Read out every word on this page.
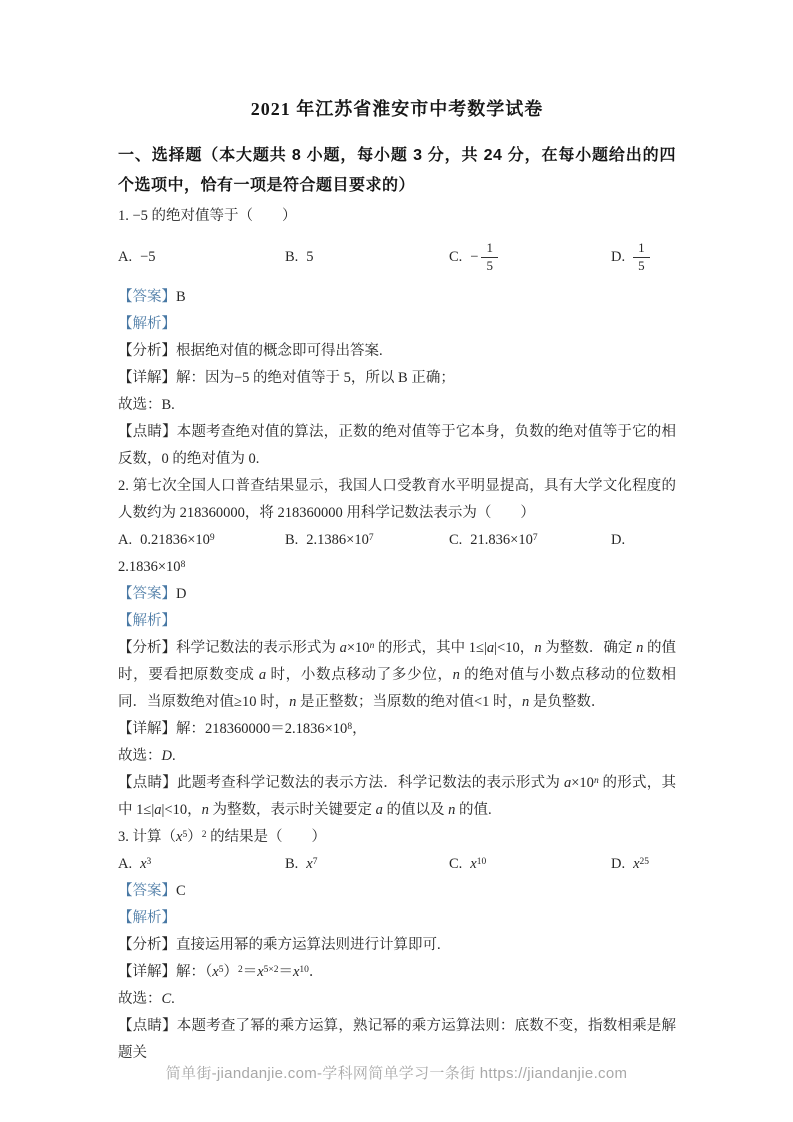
2021 年江苏省淮安市中考数学试卷

一、选择题（本大题共 8 小题，每小题 3 分，共 24 分，在每小题给出的四个选项中，恰有一项是符合题目要求的）

1. −5 的绝对值等于（　　）

A. −5	B. 5	C. − $\frac{1}{5}$	D. $\frac{1}{5}$

【答案】B

【解析】

【分析】根据绝对值的概念即可得出答案.

【详解】解：因为−5 的绝对值等于 5，所以 B 正确；

故选：B.

【点睛】本题考查绝对值的算法，正数的绝对值等于它本身，负数的绝对值等于它的相反数，0 的绝对值为 0.

2. 第七次全国人口普查结果显示，我国人口受教育水平明显提高，具有大学文化程度的人数约为 218360000，将 218360000 用科学记数法表示为（　　）

A. $0.21836\times 10^9$	B. $2.1386\times 10^7$	C. $21.836\times 10^7$	D.

$2.1836\times 10^8$

【答案】D

【解析】

【分析】科学记数法的表示形式为 $a\times 10^n$ 的形式，其中 1≤|a|<10，n 为整数．确定 n 的值时，要看把原数变成 a 时，小数点移动了多少位，n 的绝对值与小数点移动的位数相同．当原数绝对值≥10 时，n 是正整数；当原数的绝对值<1 时，n 是负整数．

【详解】解：$218360000=2.1836\times 10^8$，

故选：D.

【点睛】此题考查科学记数法的表示方法．科学记数法的表示形式为 $a\times 10^n$ 的形式，其中 1≤|a|<10，n 为整数，表示时关键要定 a 的值以及 n 的值.

3. 计算$(x^5)^2$ 的结果是（　　）

A. $x^3$	B. $x^7$	C. $x^{10}$	D. $x^{25}$

【答案】C

【解析】

【分析】直接运用幂的乘方运算法则进行计算即可.

【详解】解：$(x^5)^2=x^{5\times 2}=x^{10}$．

故选：C.

【点睛】本题考查了幂的乘方运算，熟记幂的乘方运算法则：底数不变，指数相乘是解题关

简单街-jiandanjie.com-学科网简单学习一条街 https://jiandanjie.com
